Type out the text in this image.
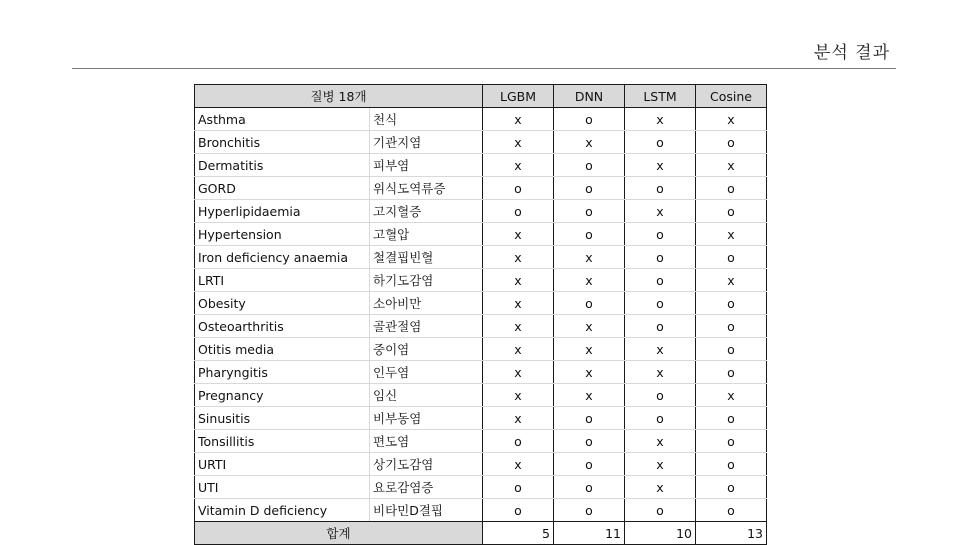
분석 결과
질병 18개		LGBM	DNN	LSTM	Cosine
Asthma	천식	x	o	x	x
Bronchitis	기관지염	x	x	o	o
Dermatitis	피부염	x	o	x	x
GORD	위식도역류증	o	o	o	o
Hyperlipidaemia	고지혈증	o	o	x	o
Hypertension	고혈압	x	o	o	x
Iron deficiency anaemia	철결핍빈혈	x	x	o	o
LRTI	하기도감염	x	x	o	x
Obesity	소아비만	x	o	o	o
Osteoarthritis	골관절염	x	x	o	o
Otitis media	중이염	x	x	x	o
Pharyngitis	인두염	x	x	x	o
Pregnancy	임신	x	x	o	x
Sinusitis	비부동염	x	o	o	o
Tonsillitis	편도염	o	o	x	o
URTI	상기도감염	x	o	x	o
UTI	요로감염증	o	o	x	o
Vitamin D deficiency	비타민D결핍	o	o	o	o
합계		5	11	10	13
